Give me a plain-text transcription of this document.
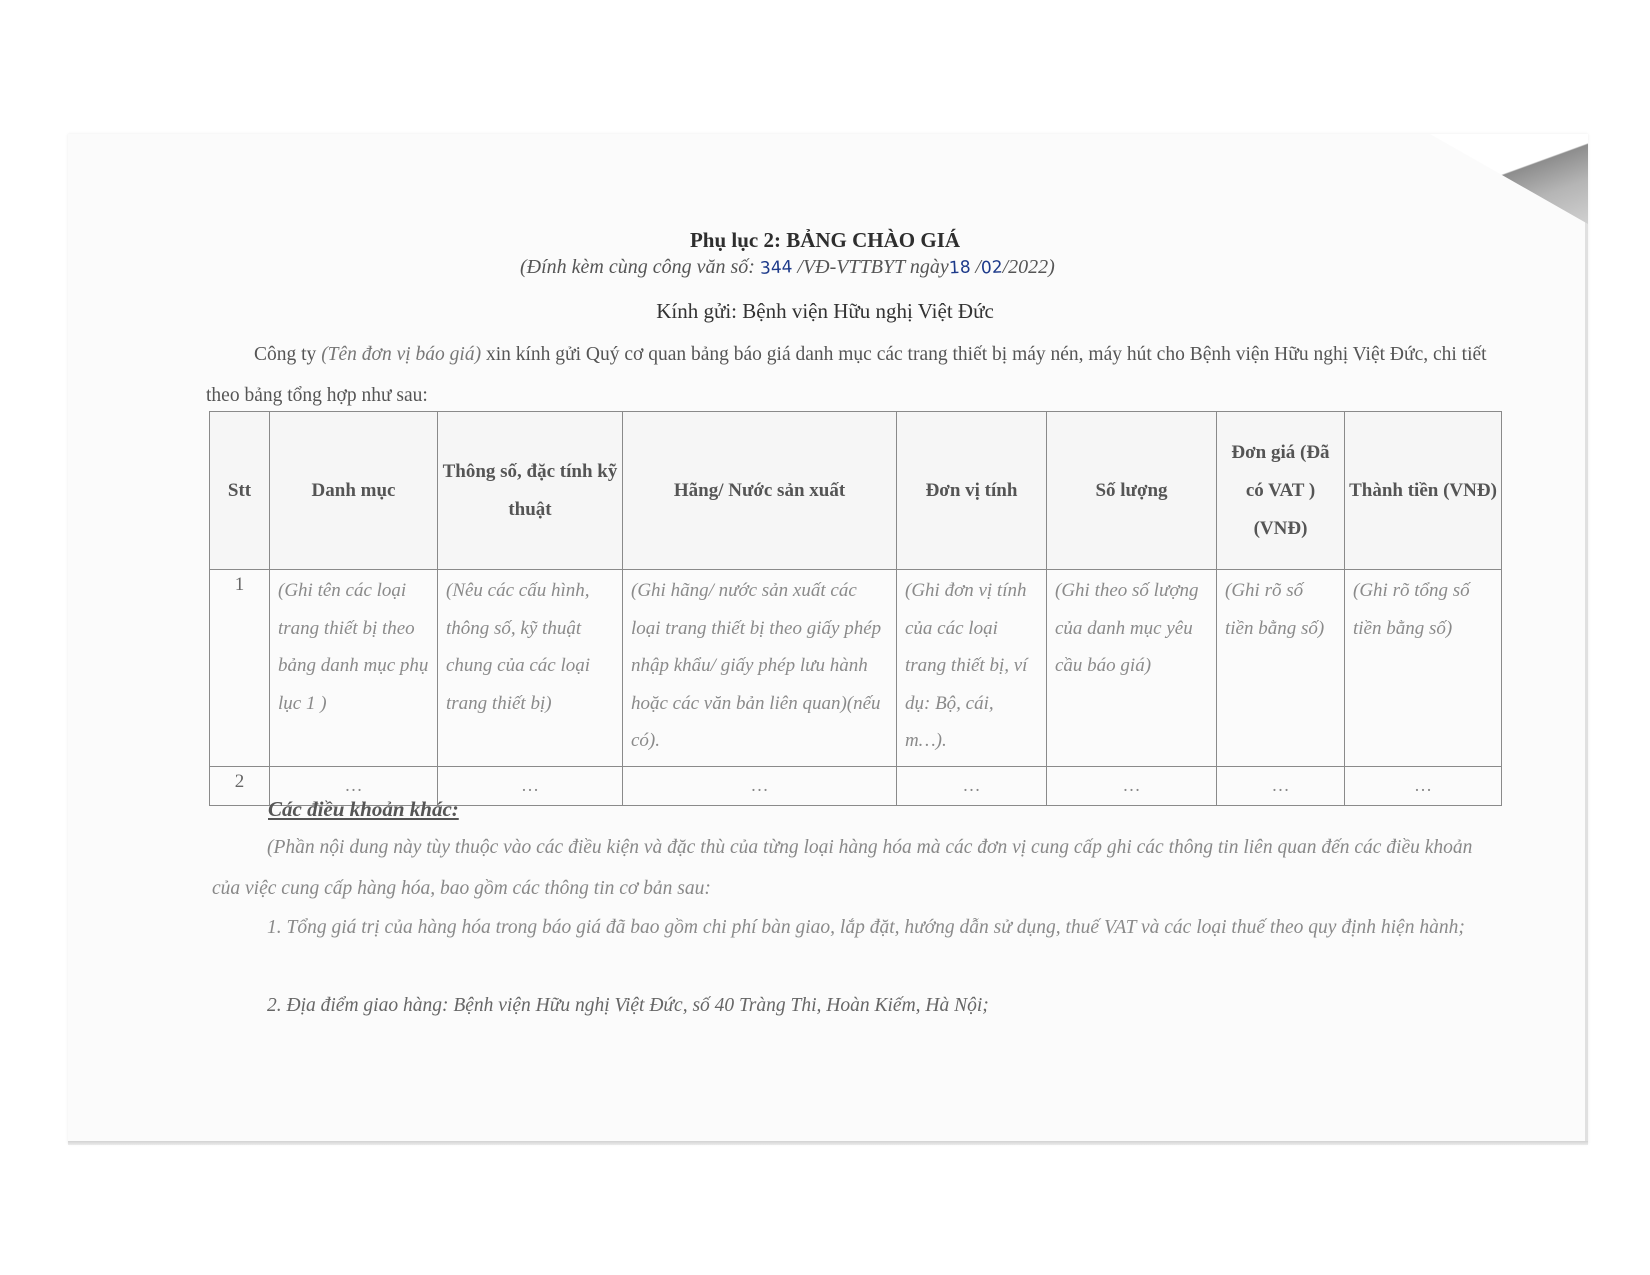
Phụ lục 2: BẢNG CHÀO GIÁ
(Đính kèm cùng công văn số: 344 /VĐ-VTTBYT ngày18 /02/2022)
Kính gửi: Bệnh viện Hữu nghị Việt Đức
Công ty (Tên đơn vị báo giá) xin kính gửi Quý cơ quan bảng báo giá danh mục các trang thiết bị máy nén, máy hút cho Bệnh viện Hữu nghị Việt Đức, chi tiết theo bảng tổng hợp như sau:
Stt	Danh mục	Thông số, đặc tính kỹ thuật	Hãng/ Nước sản xuất	Đơn vị tính	Số lượng	Đơn giá (Đã có VAT ) (VNĐ)	Thành tiền (VNĐ)
1	(Ghi tên các loại trang thiết bị theo bảng danh mục phụ lục 1 )	(Nêu các cấu hình, thông số, kỹ thuật chung của các loại trang thiết bị)	(Ghi hãng/ nước sản xuất các loại trang thiết bị theo giấy phép nhập khẩu/ giấy phép lưu hành hoặc các văn bản liên quan)(nếu có).	(Ghi đơn vị tính của các loại trang thiết bị, ví dụ: Bộ, cái, m…).	(Ghi theo số lượng của danh mục yêu cầu báo giá)	(Ghi rõ số tiền bằng số)	(Ghi rõ tổng số tiền bằng số)
2	…	…	…	…	…	…	…
Các điều khoản khác:
(Phần nội dung này tùy thuộc vào các điều kiện và đặc thù của từng loại hàng hóa mà các đơn vị cung cấp ghi các thông tin liên quan đến các điều khoản của việc cung cấp hàng hóa, bao gồm các thông tin cơ bản sau:
1. Tổng giá trị của hàng hóa trong báo giá đã bao gồm chi phí bàn giao, lắp đặt, hướng dẫn sử dụng, thuế VAT và các loại thuế theo quy định hiện hành;
2. Địa điểm giao hàng: Bệnh viện Hữu nghị Việt Đức, số 40 Tràng Thi, Hoàn Kiếm, Hà Nội;
